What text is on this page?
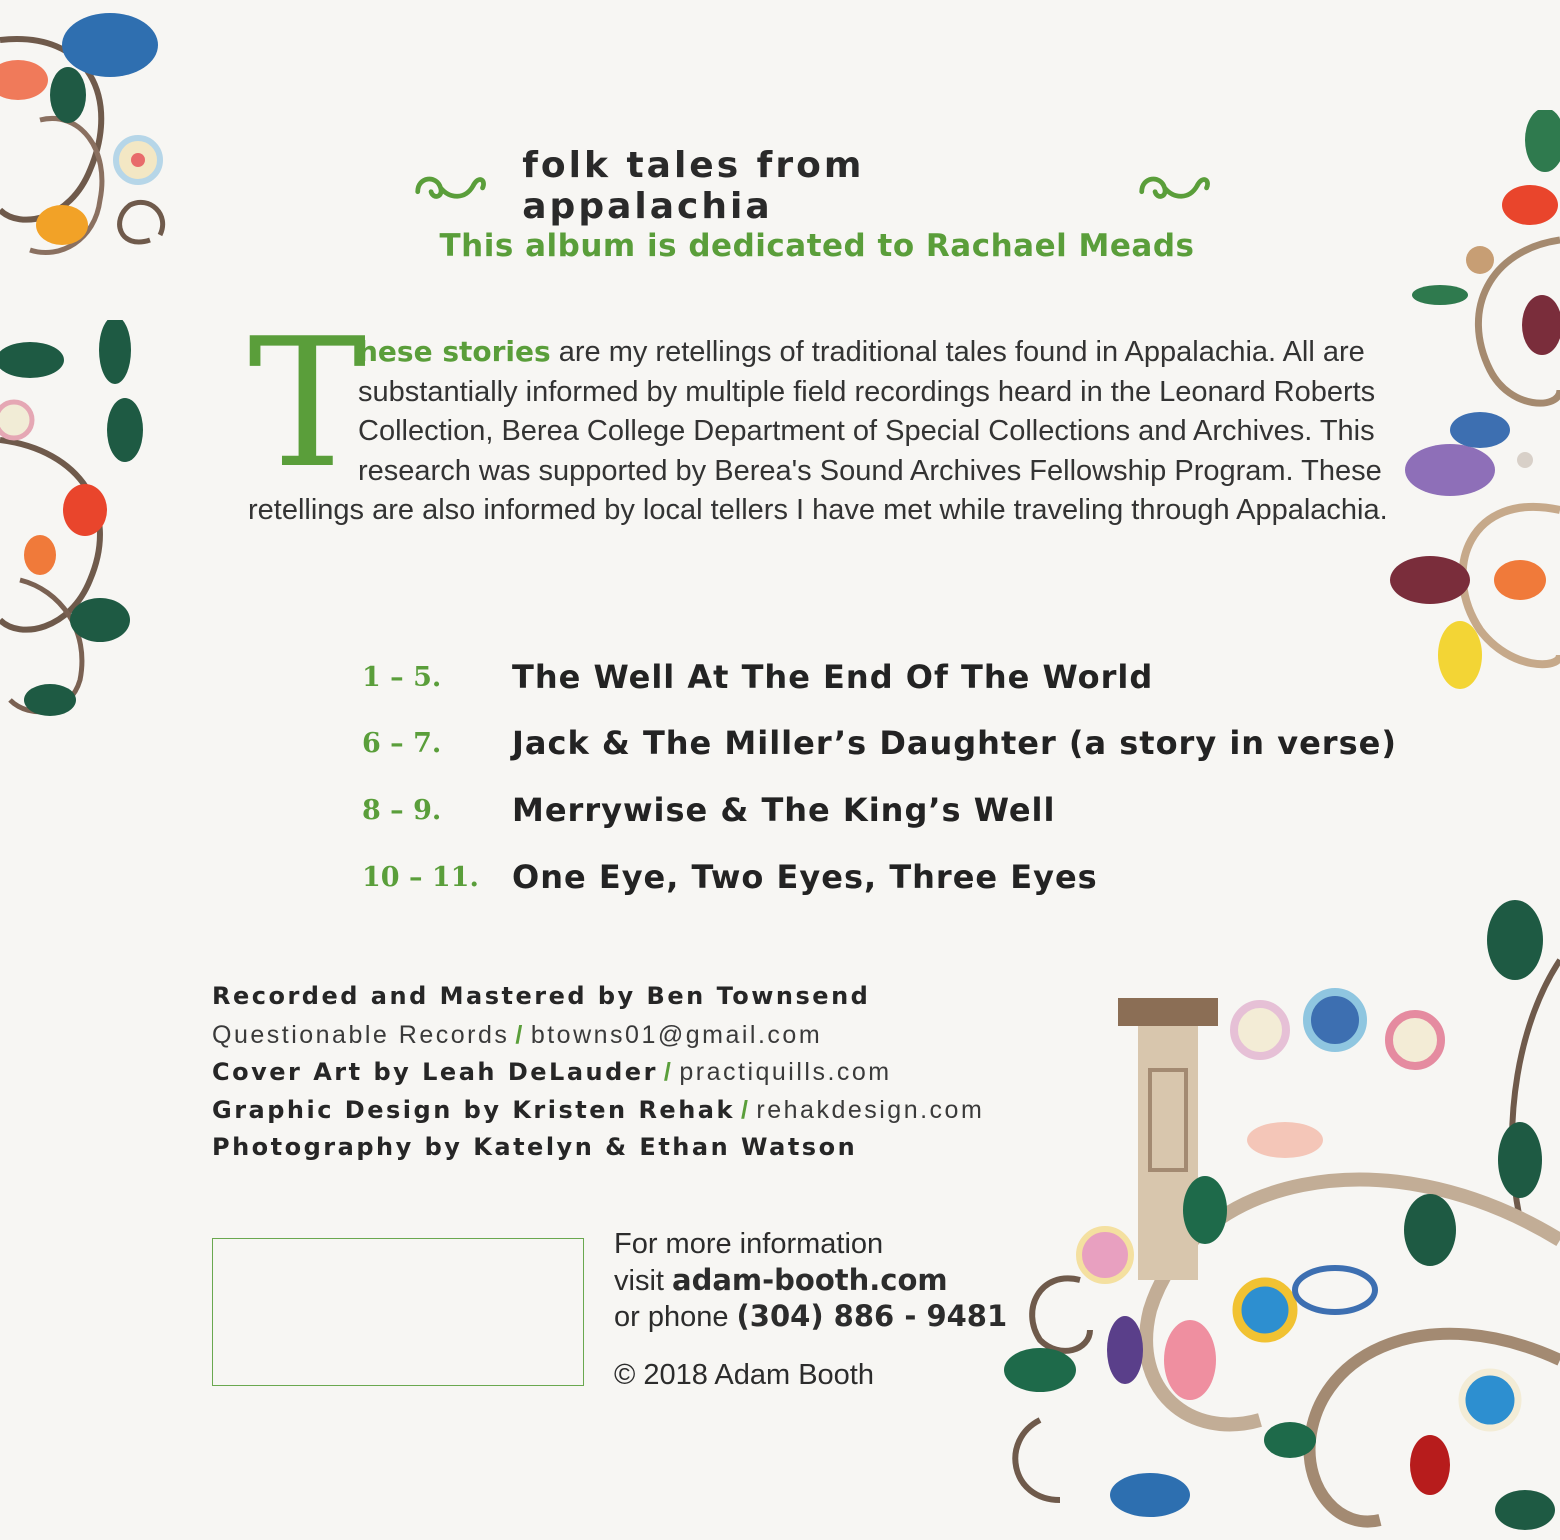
folk tales from appalachia
This album is dedicated to Rachael Meads
T
hese stories are my retellings of traditional tales found in Appalachia. All are substantially informed by multiple field recordings heard in the Leonard Roberts Collection, Berea College Department of Special Collections and Archives. This research was supported by Berea's Sound Archives Fellowship Program. These retellings are also informed by local tellers I have met while traveling through Appalachia.
1 – 5.	The Well At The End Of The World
6 – 7.	Jack & The Miller’s Daughter (a story in verse)
8 – 9.	Merrywise & The King’s Well
10 – 11.	One Eye, Two Eyes, Three Eyes
Recorded and Mastered by Ben Townsend
Questionable Records / btowns01@gmail.com
Cover Art by Leah DeLauder / practiquills.com
Graphic Design by Kristen Rehak / rehakdesign.com
Photography by Katelyn & Ethan Watson
For more information
visit adam-booth.com
or phone (304) 886 - 9481
© 2018 Adam Booth
